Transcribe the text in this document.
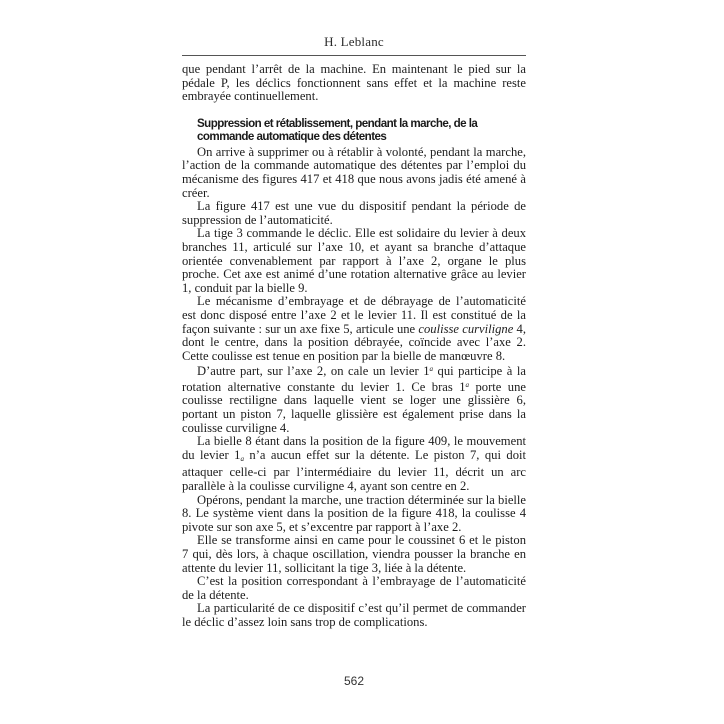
H. Leblanc

que pendant l’arrêt de la machine. En maintenant le pied sur la pédale P, les déclics fonctionnent sans effet et la machine reste embrayée continuellement.

Suppression et rétablissement, pendant la marche, de la commande automatique des détentes

On arrive à supprimer ou à rétablir à volonté, pendant la marche, l’action de la commande automatique des détentes par l’emploi du mécanisme des figures 417 et 418 que nous avons jadis été amené à créer.

La figure 417 est une vue du dispositif pendant la période de suppression de l’automaticité.

La tige 3 commande le déclic. Elle est solidaire du levier à deux branches 11, articulé sur l’axe 10, et ayant sa branche d’attaque orientée convenablement par rapport à l’axe 2, organe le plus proche. Cet axe est animé d’une rotation alternative grâce au levier 1, conduit par la bielle 9.

Le mécanisme d’embrayage et de débrayage de l’automaticité est donc disposé entre l’axe 2 et le levier 11. Il est constitué de la façon suivante : sur un axe fixe 5, articule une coulisse curviligne 4, dont le centre, dans la position débrayée, coïncide avec l’axe 2. Cette coulisse est tenue en position par la bielle de manœuvre 8.

D’autre part, sur l’axe 2, on cale un levier 1$^a$ qui participe à la rotation alternative constante du levier 1. Ce bras 1$^a$ porte une coulisse rectiligne dans laquelle vient se loger une glissière 6, portant un piston 7, laquelle glissière est également prise dans la coulisse curviligne 4.

La bielle 8 étant dans la position de la figure 409, le mouvement du levier $1_a$ n’a aucun effet sur la détente. Le piston 7, qui doit attaquer celle-ci par l’intermédiaire du levier 11, décrit un arc parallèle à la coulisse curviligne 4, ayant son centre en 2.

Opérons, pendant la marche, une traction déterminée sur la bielle 8. Le système vient dans la position de la figure 418, la coulisse 4 pivote sur son axe 5, et s’excentre par rapport à l’axe 2.

Elle se transforme ainsi en came pour le coussinet 6 et le piston 7 qui, dès lors, à chaque oscillation, viendra pousser la branche en attente du levier 11, sollicitant la tige 3, liée à la détente.

C’est la position correspondant à l’embrayage de l’automaticité de la détente.

La particularité de ce dispositif c’est qu’il permet de commander le déclic d’assez loin sans trop de complications.

562
